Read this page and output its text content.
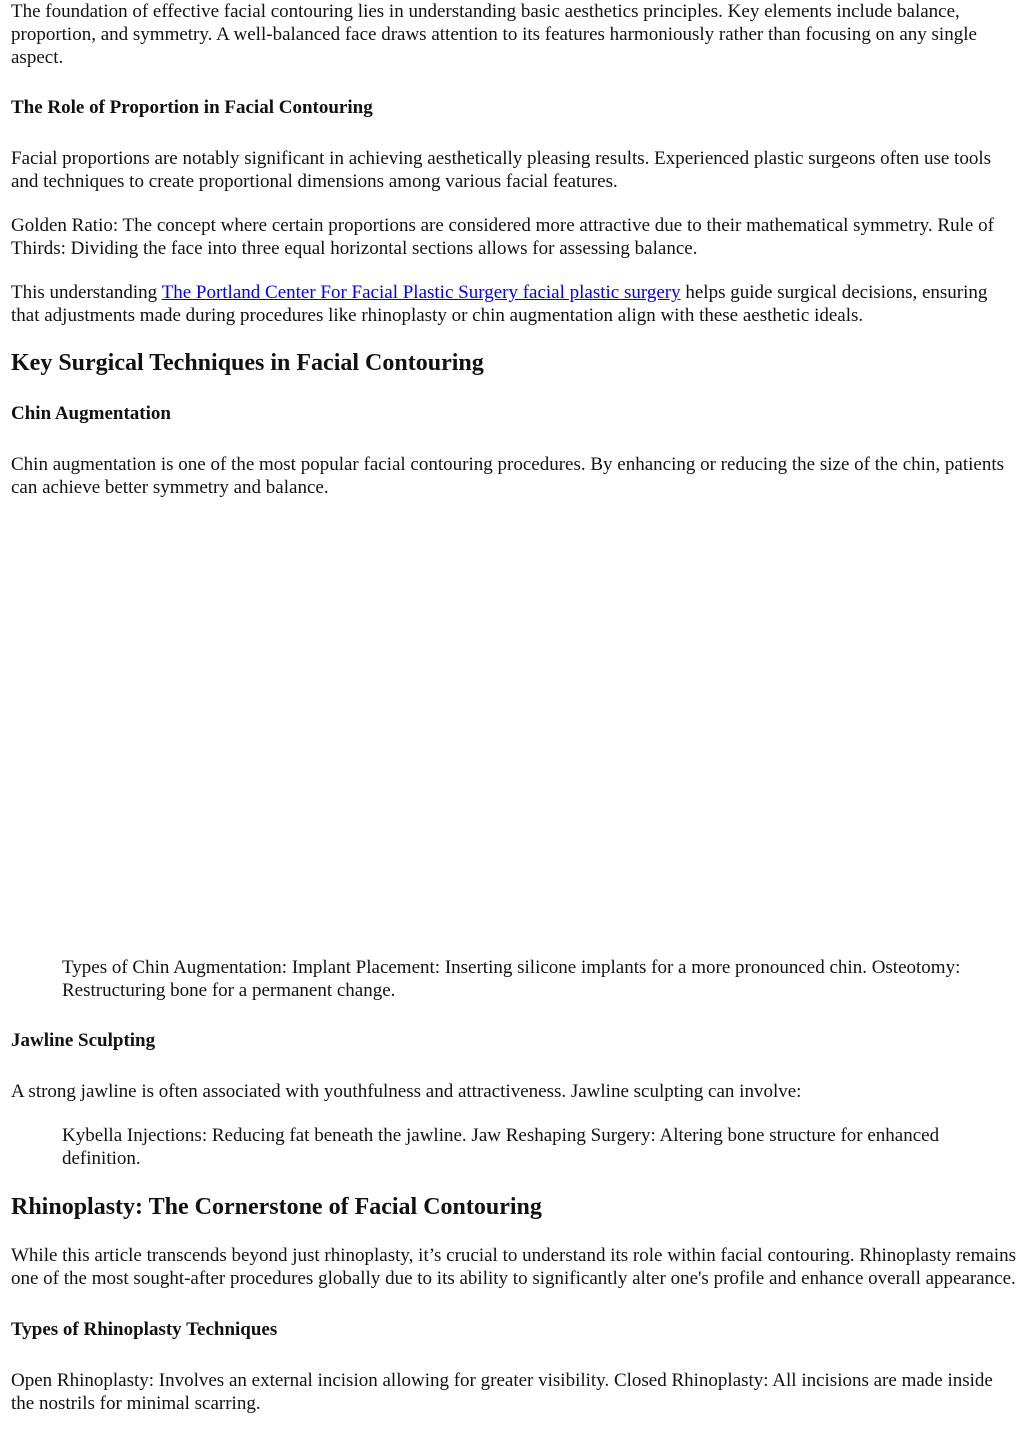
The foundation of effective facial contouring lies in understanding basic aesthetics principles. Key elements include balance, proportion, and symmetry. A well-balanced face draws attention to its features harmoniously rather than focusing on any single aspect.

The Role of Proportion in Facial Contouring

Facial proportions are notably significant in achieving aesthetically pleasing results. Experienced plastic surgeons often use tools and techniques to create proportional dimensions among various facial features.

Golden Ratio: The concept where certain proportions are considered more attractive due to their mathematical symmetry. Rule of Thirds: Dividing the face into three equal horizontal sections allows for assessing balance.

This understanding The Portland Center For Facial Plastic Surgery facial plastic surgery helps guide surgical decisions, ensuring that adjustments made during procedures like rhinoplasty or chin augmentation align with these aesthetic ideals.

Key Surgical Techniques in Facial Contouring
Chin Augmentation

Chin augmentation is one of the most popular facial contouring procedures. By enhancing or reducing the size of the chin, patients can achieve better symmetry and balance.

Types of Chin Augmentation: Implant Placement: Inserting silicone implants for a more pronounced chin. Osteotomy: Restructuring bone for a permanent change.
Jawline Sculpting

A strong jawline is often associated with youthfulness and attractiveness. Jawline sculpting can involve:

Kybella Injections: Reducing fat beneath the jawline. Jaw Reshaping Surgery: Altering bone structure for enhanced definition.
Rhinoplasty: The Cornerstone of Facial Contouring

While this article transcends beyond just rhinoplasty, it’s crucial to understand its role within facial contouring. Rhinoplasty remains one of the most sought-after procedures globally due to its ability to significantly alter one's profile and enhance overall appearance.

Types of Rhinoplasty Techniques

Open Rhinoplasty: Involves an external incision allowing for greater visibility. Closed Rhinoplasty: All incisions are made inside the nostrils for minimal scarring.
